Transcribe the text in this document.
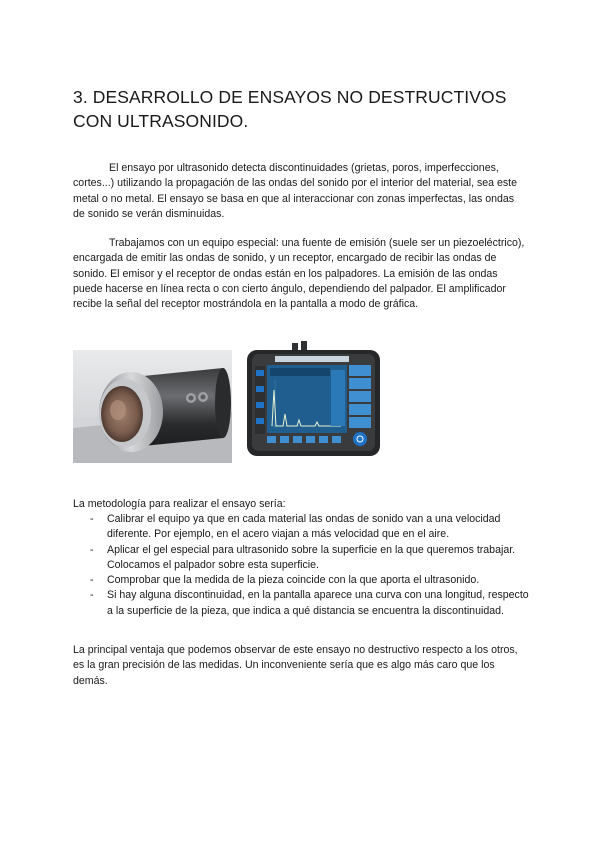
3. DESARROLLO DE ENSAYOS NO DESTRUCTIVOS CON ULTRASONIDO.

El ensayo por ultrasonido detecta discontinuidades (grietas, poros, imperfecciones, cortes...) utilizando la propagación de las ondas del sonido por el interior del material, sea este metal o no metal. El ensayo se basa en que al interaccionar con zonas imperfectas, las ondas de sonido se verán disminuidas.

Trabajamos con un equipo especial: una fuente de emisión (suele ser un piezoeléctrico), encargada de emitir las ondas de sonido, y un receptor, encargado de recibir las ondas de sonido. El emisor y el receptor de ondas están en los palpadores. La emisión de las ondas puede hacerse en línea recta o con cierto ángulo, dependiendo del palpador. El amplificador recibe la señal del receptor mostrándola en la pantalla a modo de gráfica.

La metodología para realizar el ensayo sería:

- Calibrar el equipo ya que en cada material las ondas de sonido van a una velocidad diferente. Por ejemplo, en el acero viajan a más velocidad que en el aire.
- Aplicar el gel especial para ultrasonido sobre la superficie en la que queremos trabajar. Colocamos el palpador sobre esta superficie.
- Comprobar que la medida de la pieza coincide con la que aporta el ultrasonido.
- Si hay alguna discontinuidad, en la pantalla aparece una curva con una longitud, respecto a la superficie de la pieza, que indica a qué distancia se encuentra la discontinuidad.

La principal ventaja que podemos observar de este ensayo no destructivo respecto a los otros, es la gran precisión de las medidas. Un inconveniente sería que es algo más caro que los demás.
